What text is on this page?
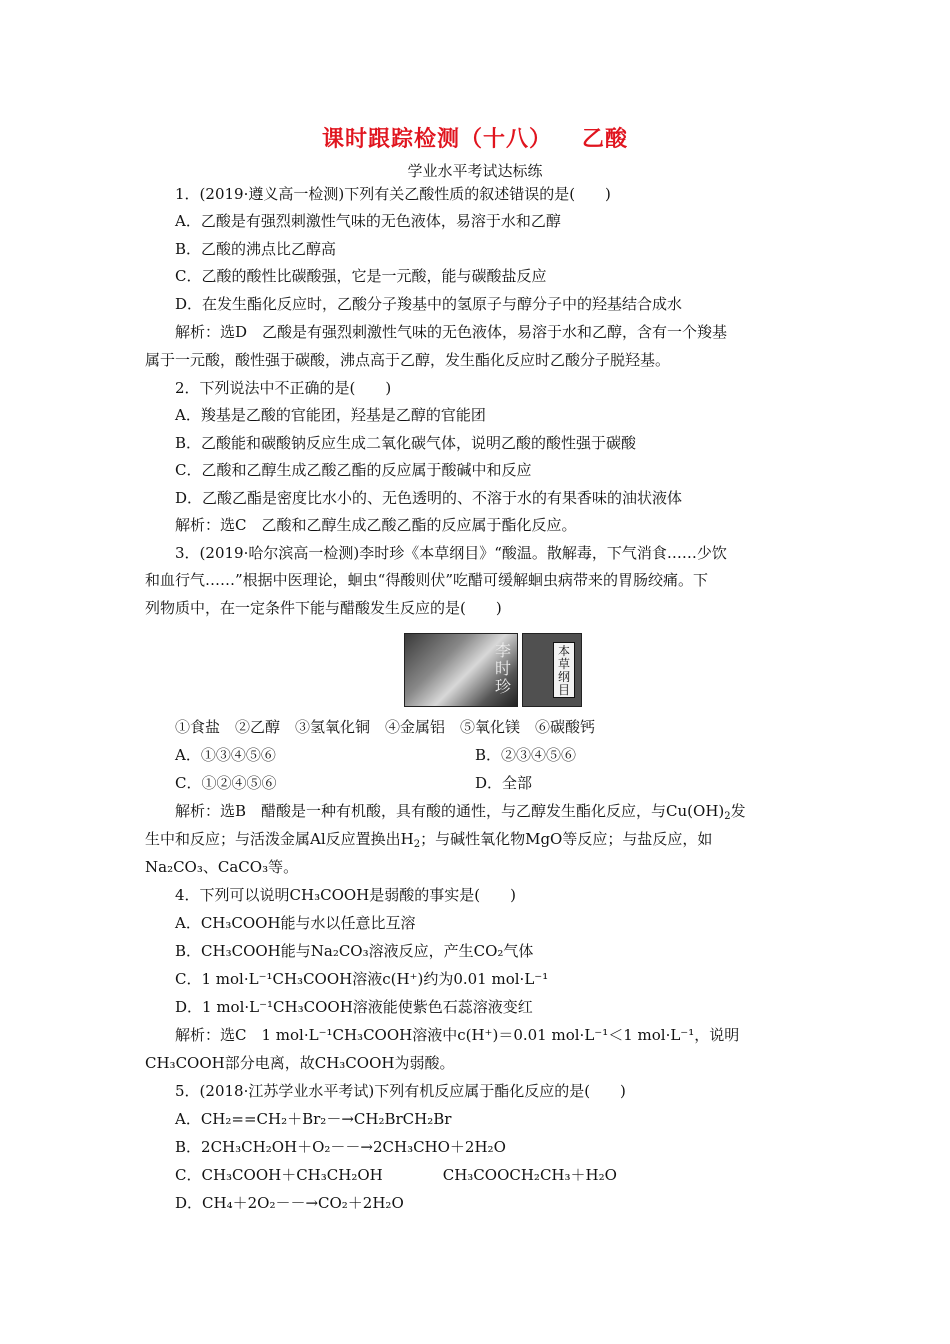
课时跟踪检测（十八） 乙酸
学业水平考试达标练
1．(2019·遵义高一检测)下列有关乙酸性质的叙述错误的是(　　)
A．乙酸是有强烈刺激性气味的无色液体，易溶于水和乙醇
B．乙酸的沸点比乙醇高
C．乙酸的酸性比碳酸强，它是一元酸，能与碳酸盐反应
D．在发生酯化反应时，乙酸分子羧基中的氢原子与醇分子中的羟基结合成水
解析：选D　乙酸是有强烈刺激性气味的无色液体，易溶于水和乙醇，含有一个羧基
属于一元酸，酸性强于碳酸，沸点高于乙醇，发生酯化反应时乙酸分子脱羟基。
2．下列说法中不正确的是(　　)
A．羧基是乙酸的官能团，羟基是乙醇的官能团
B．乙酸能和碳酸钠反应生成二氧化碳气体，说明乙酸的酸性强于碳酸
C．乙酸和乙醇生成乙酸乙酯的反应属于酸碱中和反应
D．乙酸乙酯是密度比水小的、无色透明的、不溶于水的有果香味的油状液体
解析：选C　乙酸和乙醇生成乙酸乙酯的反应属于酯化反应。
3．(2019·哈尔滨高一检测)李时珍《本草纲目》“酸温。散解毒，下气消食……少饮
和血行气……”根据中医理论，蛔虫“得酸则伏”吃醋可缓解蛔虫病带来的胃肠绞痛。下
列物质中，在一定条件下能与醋酸发生反应的是(　　)
李时珍
本草纲目
①食盐　②乙醇　③氢氧化铜　④金属铝　⑤氧化镁　⑥碳酸钙
A．①③④⑤⑥	B．②③④⑤⑥
C．①②④⑤⑥	D．全部
解析：选B　醋酸是一种有机酸，具有酸的通性，与乙醇发生酯化反应，与$Cu(OH)_2$发
生中和反应；与活泼金属Al反应置换出$H_2$；与碱性氧化物MgO等反应；与盐反应，如
Na₂CO₃、CaCO₃等。
4．下列可以说明CH₃COOH是弱酸的事实是(　　)
A．CH₃COOH能与水以任意比互溶
B．CH₃COOH能与Na₂CO₃溶液反应，产生CO₂气体
C．1 mol·L⁻¹CH₃COOH溶液c(H⁺)约为0.01 mol·L⁻¹
D．1 mol·L⁻¹CH₃COOH溶液能使紫色石蕊溶液变红
解析：选C　1 mol·L⁻¹CH₃COOH溶液中c(H⁺)＝0.01 mol·L⁻¹＜1 mol·L⁻¹，说明
CH₃COOH部分电离，故CH₃COOH为弱酸。
5．(2018·江苏学业水平考试)下列有机反应属于酯化反应的是(　　)
A．CH₂==CH₂＋Br₂－→CH₂BrCH₂Br
B．2CH₃CH₂OH＋O₂－－→2CH₃CHO＋2H₂O
C．CH₃COOH＋CH₃CH₂OH	CH₃COOCH₂CH₃＋H₂O
D．CH₄＋2O₂－－→CO₂＋2H₂O
